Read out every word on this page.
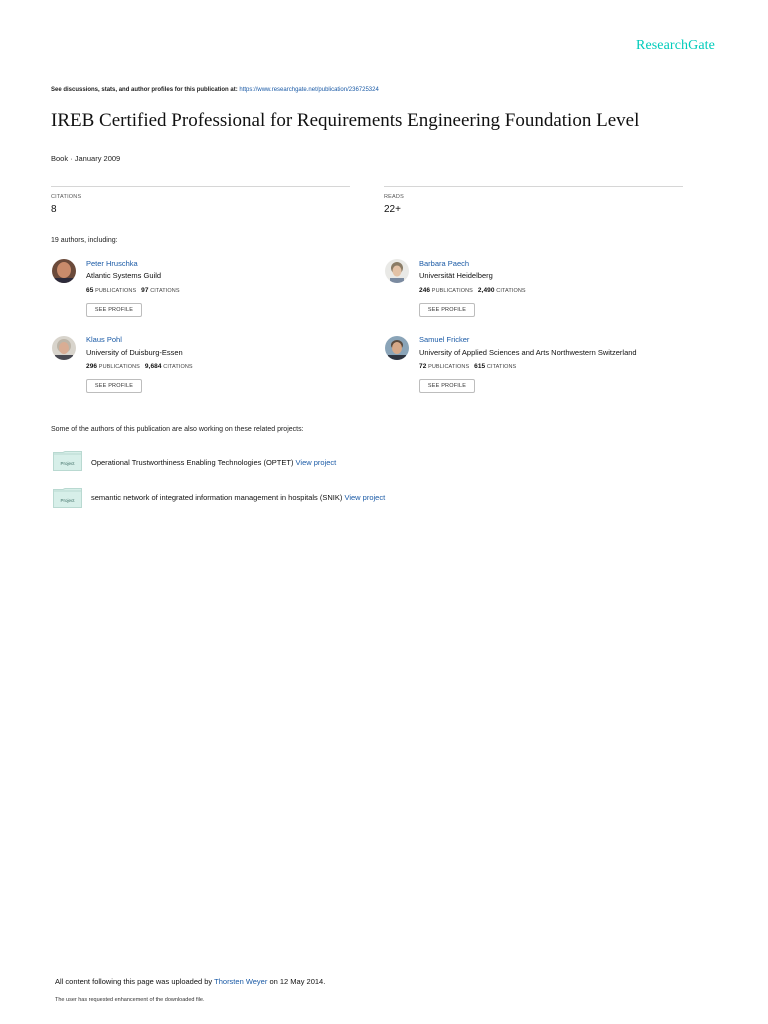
ResearchGate
See discussions, stats, and author profiles for this publication at: https://www.researchgate.net/publication/236725324
IREB Certified Professional for Requirements Engineering Foundation Level
Book · January 2009
CITATIONS
8
READS
22+
19 authors, including:
Peter Hruschka
Atlantic Systems Guild
65 PUBLICATIONS 97 CITATIONS
SEE PROFILE
Barbara Paech
Universität Heidelberg
246 PUBLICATIONS 2,490 CITATIONS
SEE PROFILE
Klaus Pohl
University of Duisburg-Essen
296 PUBLICATIONS 9,684 CITATIONS
SEE PROFILE
Samuel Fricker
University of Applied Sciences and Arts Northwestern Switzerland
72 PUBLICATIONS 615 CITATIONS
SEE PROFILE
Some of the authors of this publication are also working on these related projects:
Project Operational Trustworthiness Enabling Technologies (OPTET) View project
Project semantic network of integrated information management in hospitals (SNIK) View project
All content following this page was uploaded by Thorsten Weyer on 12 May 2014.
The user has requested enhancement of the downloaded file.
